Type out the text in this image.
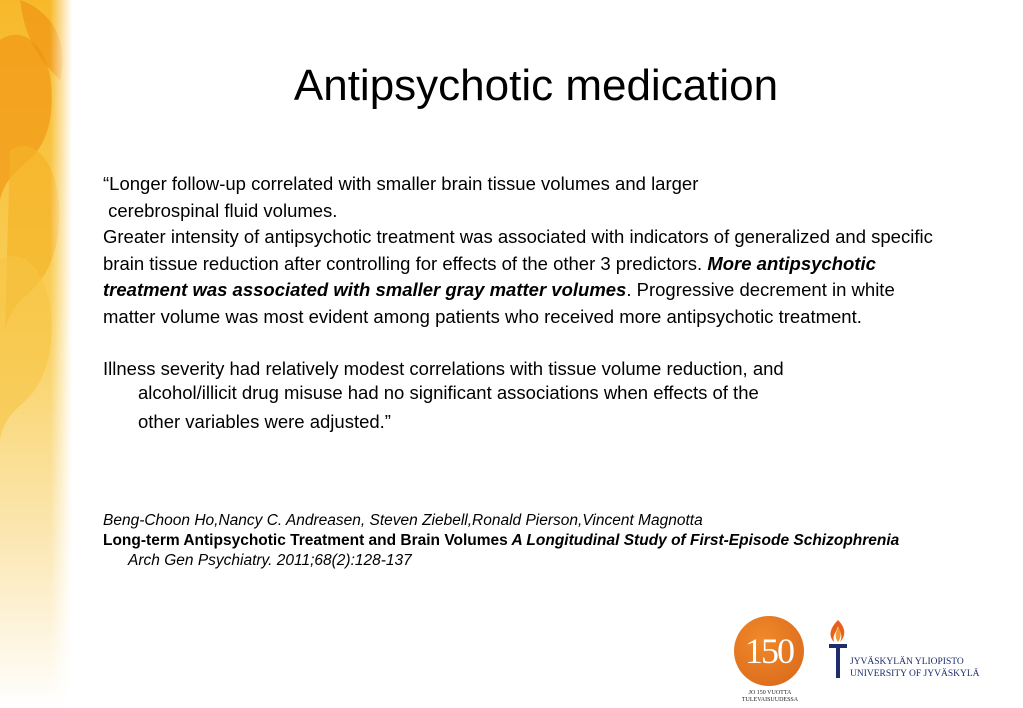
Antipsychotic medication

“Longer follow-up correlated with smaller brain tissue volumes and larger

cerebrospinal fluid volumes.

Greater intensity of antipsychotic treatment was associated with indicators of generalized and specific brain tissue reduction after controlling for effects of the other 3 predictors. More antipsychotic treatment was associated with smaller gray matter volumes. Progressive decrement in white matter volume was most evident among patients who received more antipsychotic treatment.

Illness severity had relatively modest correlations with tissue volume reduction, and
alcohol/illicit drug misuse had no significant associations when effects of the
other variables were adjusted.”

Beng-Choon Ho,Nancy C. Andreasen, Steven Ziebell,Ronald Pierson,Vincent Magnotta

Long-term Antipsychotic Treatment and Brain Volumes A Longitudinal Study of First-Episode Schizophrenia  Arch Gen Psychiatry. 2011;68(2):128-137

150
JO 150 VUOTTA
TULEVAISUUDESSA
JYVÄSKYLÄN YLIOPISTO
UNIVERSITY OF JYVÄSKYLÄ
